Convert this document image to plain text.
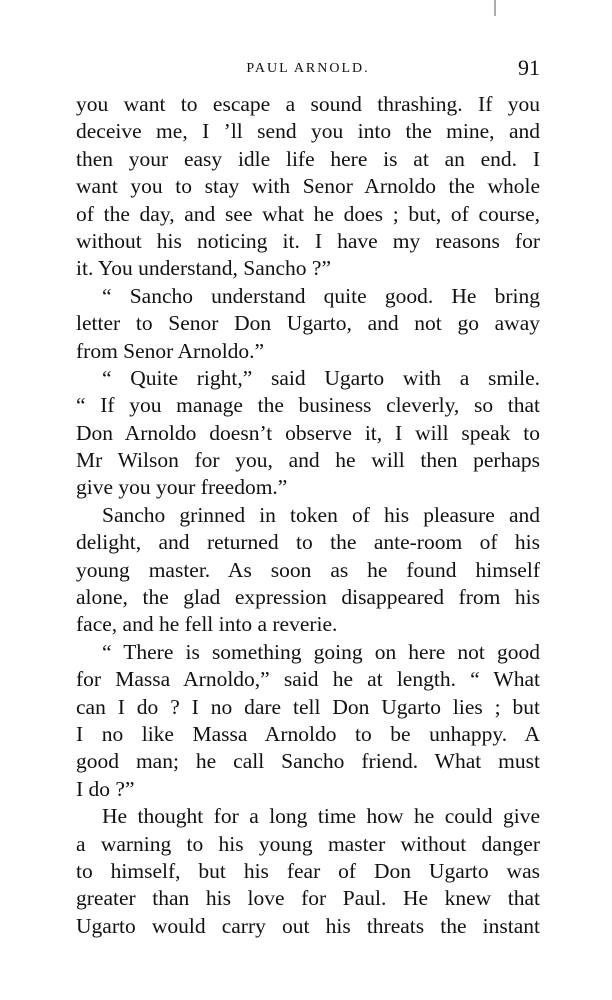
PAUL ARNOLD.	91
you want to escape a sound thrashing. If you
deceive me, I ’ll send you into the mine, and
then your easy idle life here is at an end. I
want you to stay with Senor Arnoldo the whole
of the day, and see what he does ; but, of course,
without his noticing it. I have my reasons for
it. You understand, Sancho ?”
“ Sancho understand quite good. He bring
letter to Senor Don Ugarto, and not go away
from Senor Arnoldo.”
“ Quite right,” said Ugarto with a smile.
“ If you manage the business cleverly, so that
Don Arnoldo doesn’t observe it, I will speak to
Mr Wilson for you, and he will then perhaps
give you your freedom.”
Sancho grinned in token of his pleasure and
delight, and returned to the ante-room of his
young master. As soon as he found himself
alone, the glad expression disappeared from his
face, and he fell into a reverie.
“ There is something going on here not good
for Massa Arnoldo,” said he at length. “ What
can I do ? I no dare tell Don Ugarto lies ; but
I no like Massa Arnoldo to be unhappy. A
good man; he call Sancho friend. What must
I do ?”
He thought for a long time how he could give
a warning to his young master without danger
to himself, but his fear of Don Ugarto was
greater than his love for Paul. He knew that
Ugarto would carry out his threats the instant
